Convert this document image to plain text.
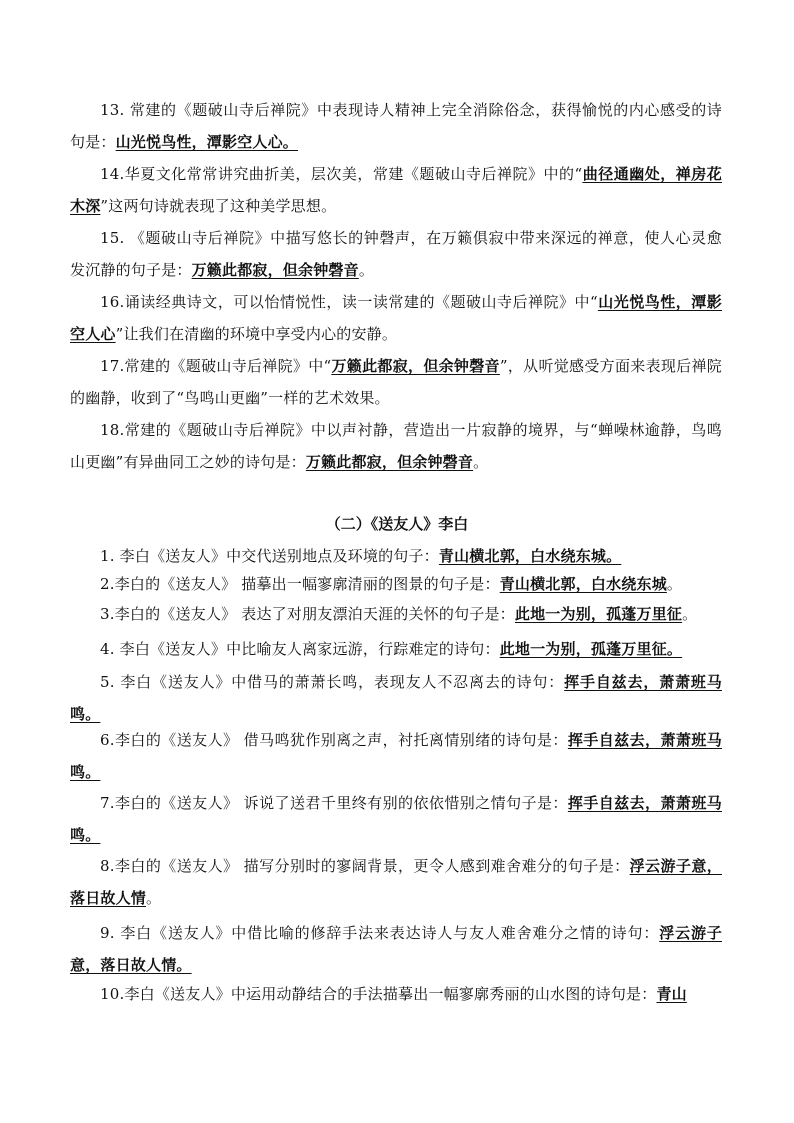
13. 常建的《题破山寺后禅院》中表现诗人精神上完全消除俗念，获得愉悦的内心感受的诗句是：山光悦鸟性，潭影空人心。
14.华夏文化常常讲究曲折美，层次美，常建《题破山寺后禅院》中的“曲径通幽处，禅房花木深”这两句诗就表现了这种美学思想。
15. 《题破山寺后禅院》中描写悠长的钟磬声，在万籁俱寂中带来深远的禅意，使人心灵愈发沉静的句子是：万籁此都寂，但余钟磬音。
16.诵读经典诗文，可以怡情悦性，读一读常建的《题破山寺后禅院》中“山光悦鸟性，潭影空人心”让我们在清幽的环境中享受内心的安静。
17.常建的《题破山寺后禅院》中“万籁此都寂，但余钟磬音”，从听觉感受方面来表现后禅院的幽静，收到了“鸟鸣山更幽”一样的艺术效果。
18.常建的《题破山寺后禅院》中以声衬静，营造出一片寂静的境界，与“蝉噪林逾静，鸟鸣山更幽”有异曲同工之妙的诗句是：万籁此都寂，但余钟磬音。
（二）《送友人》李白
1. 李白《送友人》中交代送别地点及环境的句子：青山横北郭，白水绕东城。
2.李白的《送友人》 描摹出一幅寥廓清丽的图景的句子是：青山横北郭，白水绕东城。
3.李白的《送友人》 表达了对朋友漂泊天涯的关怀的句子是：此地一为别，孤蓬万里征。
4. 李白《送友人》中比喻友人离家远游，行踪难定的诗句：此地一为别，孤蓬万里征。
5. 李白《送友人》中借马的萧萧长鸣，表现友人不忍离去的诗句：挥手自兹去，萧萧班马鸣。
6.李白的《送友人》 借马鸣犹作别离之声，衬托离情别绪的诗句是：挥手自兹去，萧萧班马鸣。
7.李白的《送友人》 诉说了送君千里终有别的依依惜别之情句子是：挥手自兹去，萧萧班马鸣。
8.李白的《送友人》 描写分别时的寥阔背景，更令人感到难舍难分的句子是：浮云游子意，落日故人情。
9. 李白《送友人》中借比喻的修辞手法来表达诗人与友人难舍难分之情的诗句：浮云游子意，落日故人情。
10.李白《送友人》中运用动静结合的手法描摹出一幅寥廓秀丽的山水图的诗句是：青山
